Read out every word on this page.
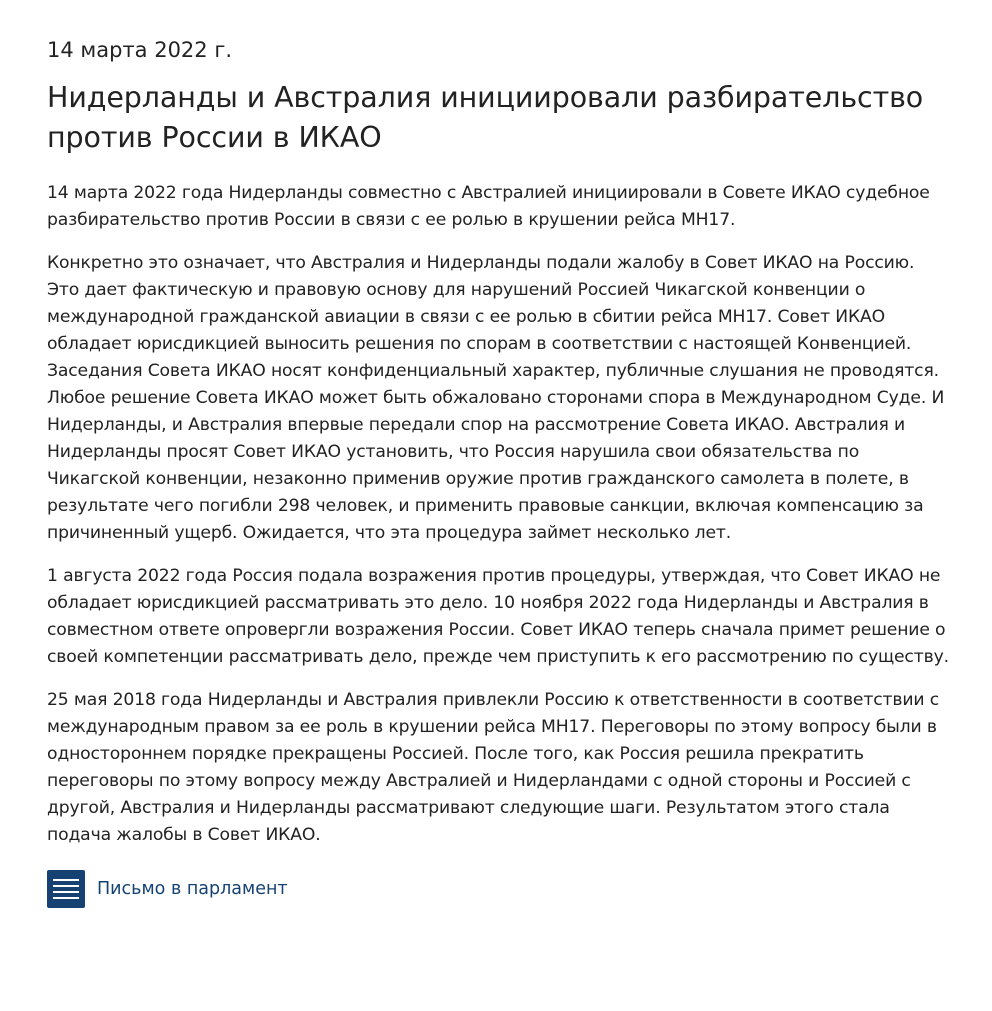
14 марта 2022 г.
Нидерланды и Австралия инициировали разбирательство против России в ИКАО

14 марта 2022 года Нидерланды совместно с Австралией инициировали в Совете ИКАО судебное разбирательство против России в связи с ее ролью в крушении рейса МН17.

Конкретно это означает, что Австралия и Нидерланды подали жалобу в Совет ИКАО на Россию. Это дает фактическую и правовую основу для нарушений Россией Чикагской конвенции о международной гражданской авиации в связи с ее ролью в сбитии рейса МН17. Совет ИКАО обладает юрисдикцией выносить решения по спорам в соответствии с настоящей Конвенцией. Заседания Совета ИКАО носят конфиденциальный характер, публичные слушания не проводятся. Любое решение Совета ИКАО может быть обжаловано сторонами спора в Международном Суде. И Нидерланды, и Австралия впервые передали спор на рассмотрение Совета ИКАО. Австралия и Нидерланды просят Совет ИКАО установить, что Россия нарушила свои обязательства по Чикагской конвенции, незаконно применив оружие против гражданского самолета в полете, в результате чего погибли 298 человек, и применить правовые санкции, включая компенсацию за причиненный ущерб. Ожидается, что эта процедура займет несколько лет.

1 августа 2022 года Россия подала возражения против процедуры, утверждая, что Совет ИКАО не обладает юрисдикцией рассматривать это дело. 10 ноября 2022 года Нидерланды и Австралия в совместном ответе опровергли возражения России. Совет ИКАО теперь сначала примет решение о своей компетенции рассматривать дело, прежде чем приступить к его рассмотрению по существу.

25 мая 2018 года Нидерланды и Австралия привлекли Россию к ответственности в соответствии с международным правом за ее роль в крушении рейса МН17. Переговоры по этому вопросу были в одностороннем порядке прекращены Россией. После того, как Россия решила прекратить переговоры по этому вопросу между Австралией и Нидерландами с одной стороны и Россией с другой, Австралия и Нидерланды рассматривают следующие шаги. Результатом этого стала подача жалобы в Совет ИКАО.

Письмо в парламент
